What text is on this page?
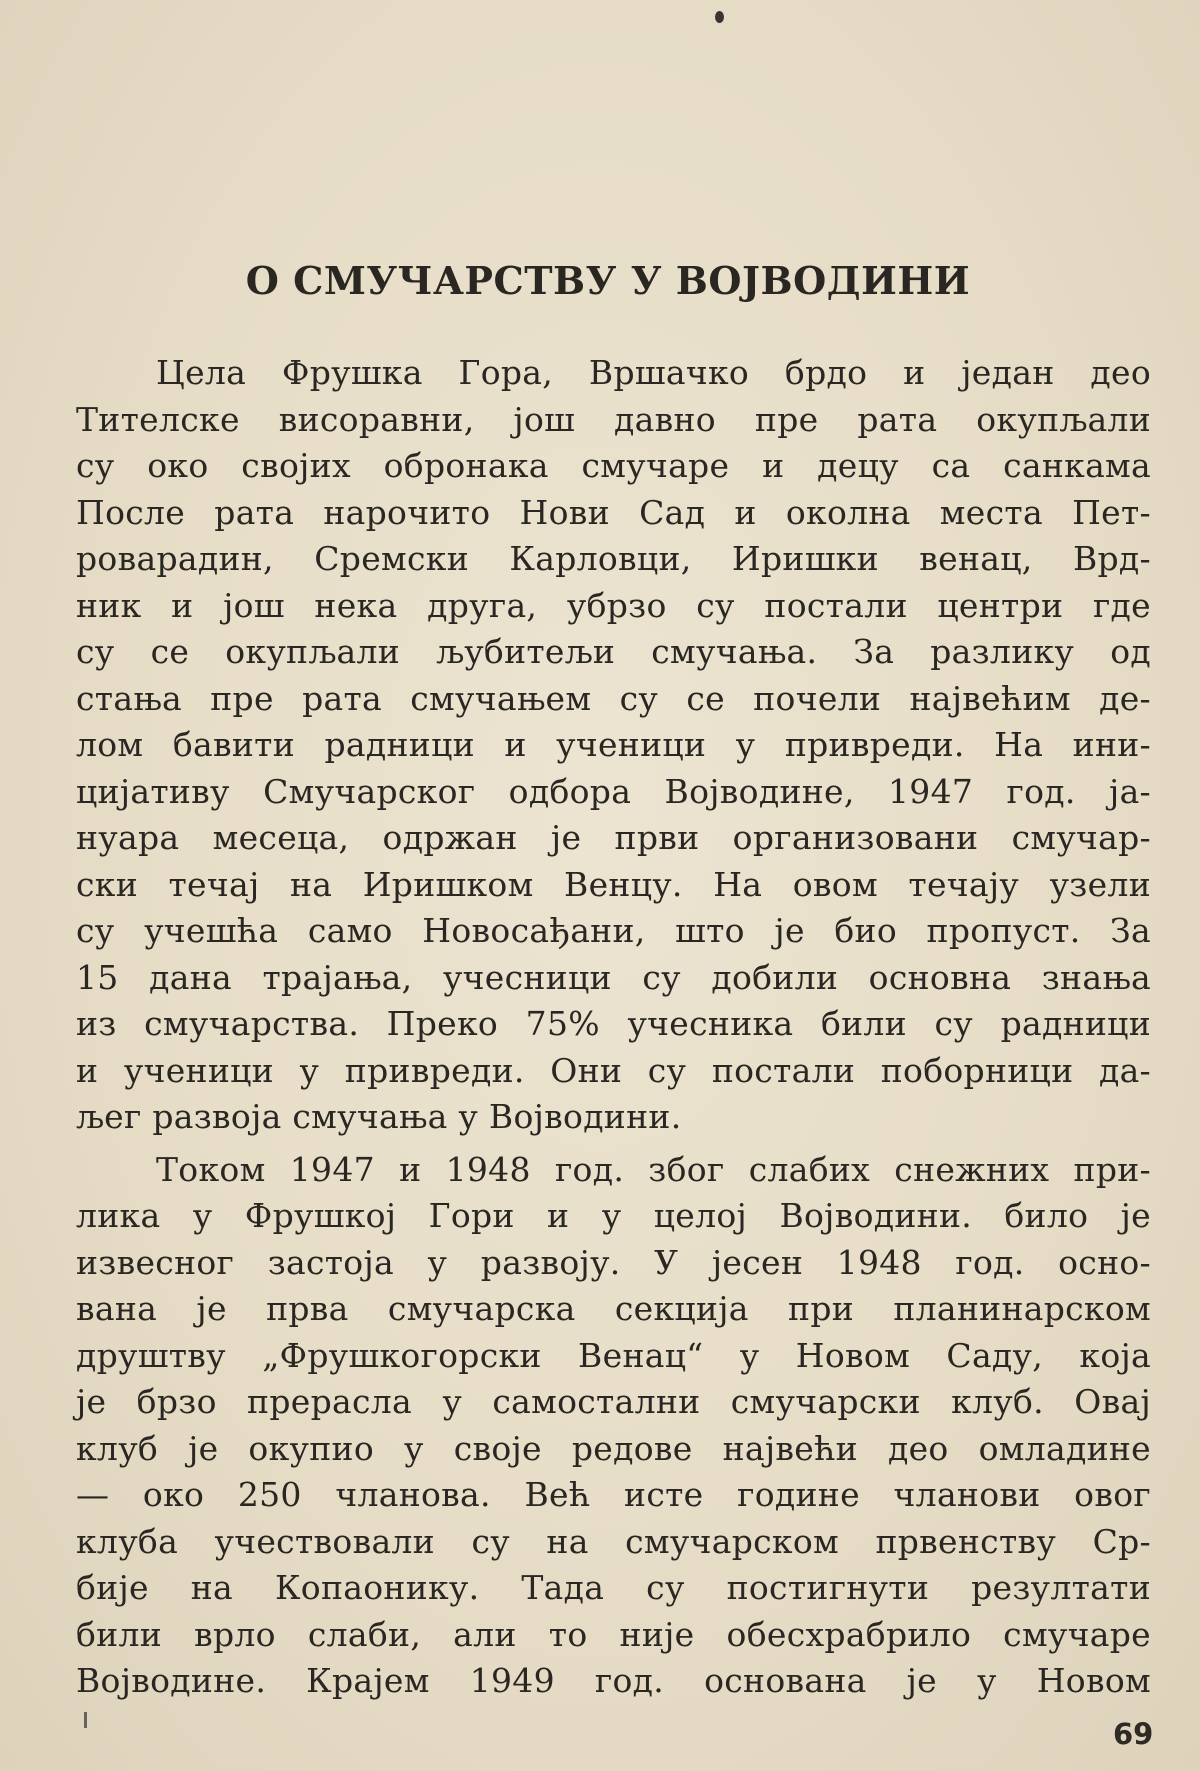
О СМУЧАРСТВУ У ВОЈВОДИНИ
Цела Фрушка Гора, Вршачко брдо и један део
Тителске висоравни, још давно пре рата окупљали
су око својих обронака смучаре и децу са санкама
После рата нарочито Нови Сад и околна места Пет-
роварадин, Сремски Карловци, Иришки венац, Врд-
ник и још нека друга, убрзо су постали центри где
су се окупљали љубитељи смучања. За разлику од
стања пре рата смучањем су се почели највећим де-
лом бавити радници и ученици у привреди. На ини-
цијативу Смучарског одбора Војводине, 1947 год. ја-
нуара месеца, одржан је први организовани смучар-
ски течај на Иришком Венцу. На овом течају узели
су учешћа само Новосађани, што је био пропуст. За
15 дана трајања, учесници су добили основна знања
из смучарства. Преко 75% учесника били су радници
и ученици у привреди. Они су постали поборници да-
љег развоја смучања у Војводини.
Током 1947 и 1948 год. због слабих снежних при-
лика у Фрушкој Гори и у целој Војводини. било је
извесног застоја у развоју. У јесен 1948 год. осно-
вана је прва смучарска секција при планинарском
друштву „Фрушкогорски Венац“ у Новом Саду, која
је брзо прерасла у самостални смучарски клуб. Овај
клуб је окупио у своје редове највећи део омладине
— око 250 чланова. Већ исте године чланови овог
клуба учествовали су на смучарском првенству Ср-
бије на Копаонику. Тада су постигнути резултати
били врло слаби, али то није обесхрабрило смучаре
Војводине. Крајем 1949 год. основана је у Новом
69
